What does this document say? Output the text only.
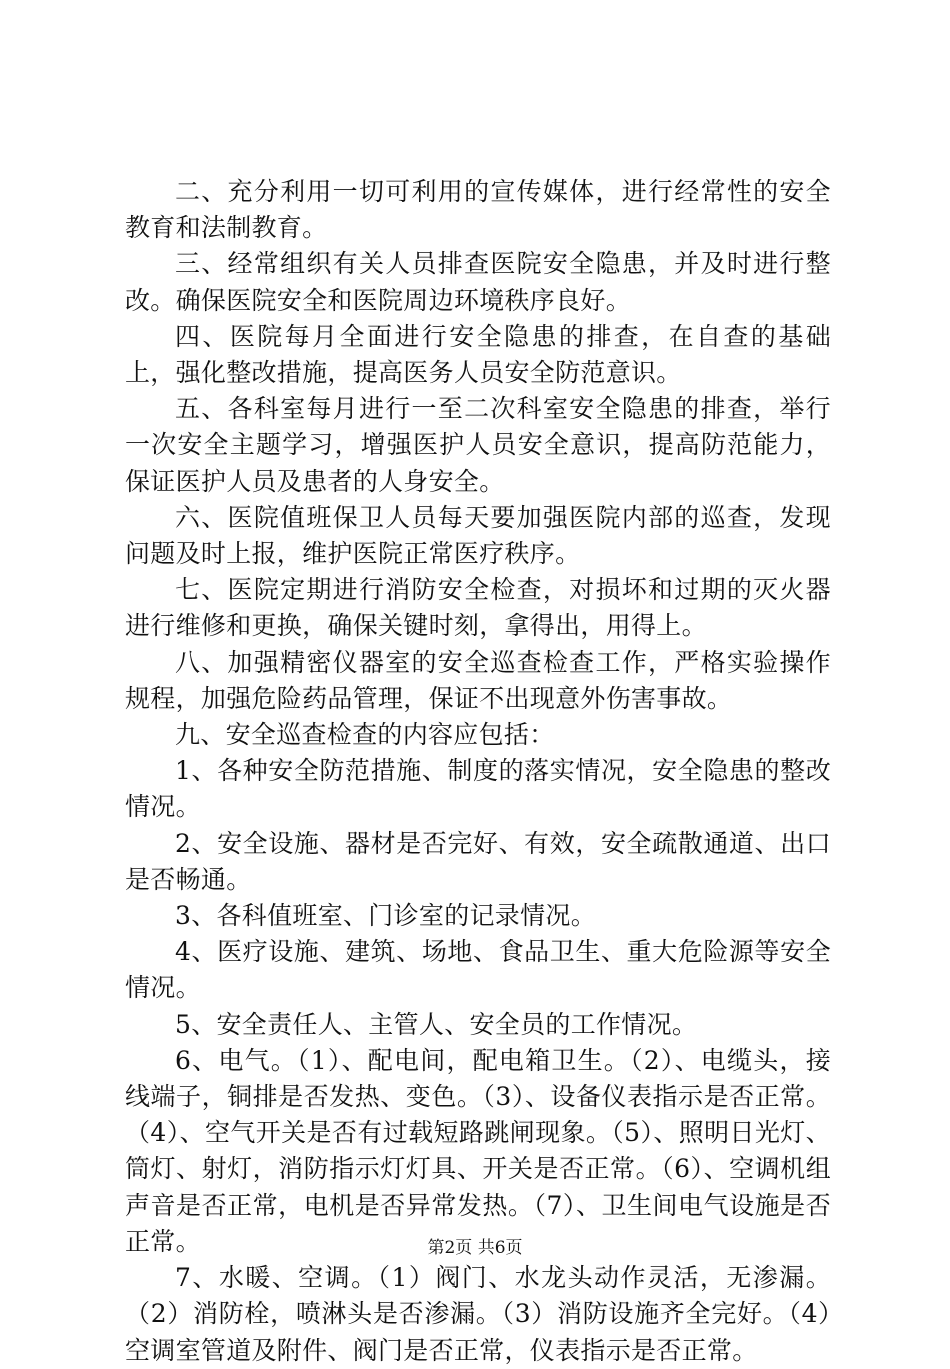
二、充分利用一切可利用的宣传媒体，进行经常性的安全教育和法制教育。

三、经常组织有关人员排查医院安全隐患，并及时进行整改。确保医院安全和医院周边环境秩序良好。

四、医院每月全面进行安全隐患的排查，在自查的基础上，强化整改措施，提高医务人员安全防范意识。

五、各科室每月进行一至二次科室安全隐患的排查，举行一次安全主题学习，增强医护人员安全意识，提高防范能力，保证医护人员及患者的人身安全。

六、医院值班保卫人员每天要加强医院内部的巡查，发现问题及时上报，维护医院正常医疗秩序。

七、医院定期进行消防安全检查，对损坏和过期的灭火器进行维修和更换，确保关键时刻，拿得出，用得上。

八、加强精密仪器室的安全巡查检查工作，严格实验操作规程，加强危险药品管理，保证不出现意外伤害事故。

九、安全巡查检查的内容应包括：

1、各种安全防范措施、制度的落实情况，安全隐患的整改情况。

2、安全设施、器材是否完好、有效，安全疏散通道、出口是否畅通。

3、各科值班室、门诊室的记录情况。

4、医疗设施、建筑、场地、食品卫生、重大危险源等安全情况。

5、安全责任人、主管人、安全员的工作情况。

6、电气。（1）、配电间，配电箱卫生。（2）、电缆头，接线端子，铜排是否发热、变色。（3）、设备仪表指示是否正常。（4）、空气开关是否有过载短路跳闸现象。（5）、照明日光灯、筒灯、射灯，消防指示灯灯具、开关是否正常。（6）、空调机组声音是否正常，电机是否异常发热。（7）、卫生间电气设施是否正常。

7、水暖、空调。（1）阀门、水龙头动作灵活，无渗漏。（2）消防栓，喷淋头是否渗漏。（3）消防设施齐全完好。（4）空调室管道及附件、阀门是否正常，仪表指示是否正常。

第2页 共6页
